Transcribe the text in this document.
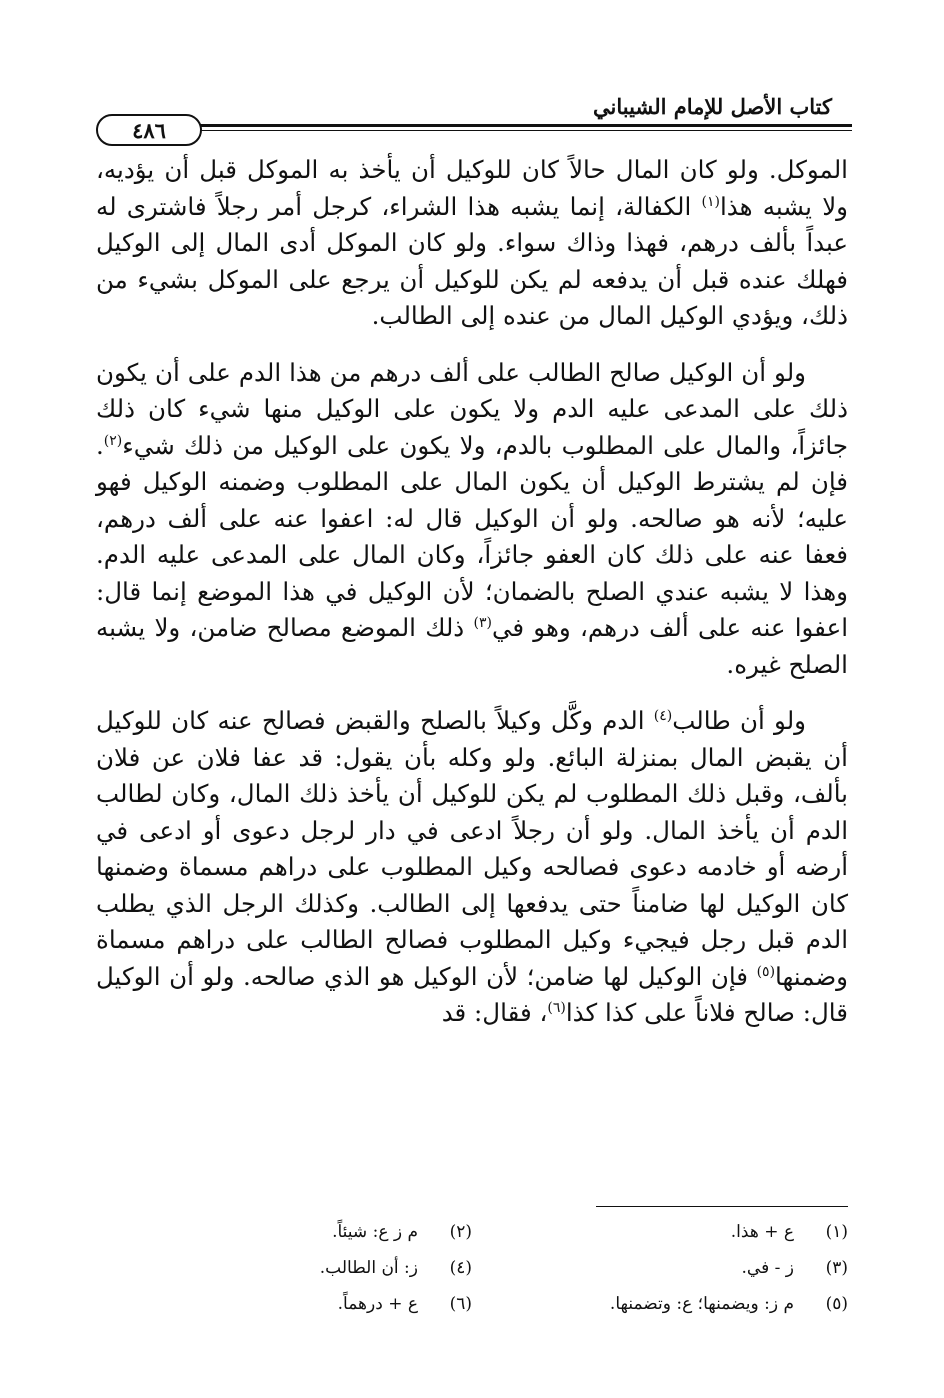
كتاب الأصل للإمام الشيباني
٤٨٦

الموكل. ولو كان المال حالاً كان للوكيل أن يأخذ به الموكل قبل أن يؤديه، ولا يشبه هذا$^{(١)}$ الكفالة، إنما يشبه هذا الشراء، كرجل أمر رجلاً فاشترى له عبداً بألف درهم، فهذا وذاك سواء. ولو كان الموكل أدى المال إلى الوكيل فهلك عنده قبل أن يدفعه لم يكن للوكيل أن يرجع على الموكل بشيء من ذلك، ويؤدي الوكيل المال من عنده إلى الطالب.

ولو أن الوكيل صالح الطالب على ألف درهم من هذا الدم على أن يكون ذلك على المدعى عليه الدم ولا يكون على الوكيل منها شيء كان ذلك جائزاً، والمال على المطلوب بالدم، ولا يكون على الوكيل من ذلك شيء$^{(٢)}$. فإن لم يشترط الوكيل أن يكون المال على المطلوب وضمنه الوكيل فهو عليه؛ لأنه هو صالحه. ولو أن الوكيل قال له: اعفوا عنه على ألف درهم، فعفا عنه على ذلك كان العفو جائزاً، وكان المال على المدعى عليه الدم. وهذا لا يشبه عندي الصلح بالضمان؛ لأن الوكيل في هذا الموضع إنما قال: اعفوا عنه على ألف درهم، وهو في$^{(٣)}$ ذلك الموضع مصالح ضامن، ولا يشبه الصلح غيره.

ولو أن طالب$^{(٤)}$ الدم وكَّل وكيلاً بالصلح والقبض فصالح عنه كان للوكيل أن يقبض المال بمنزلة البائع. ولو وكله بأن يقول: قد عفا فلان عن فلان بألف، وقبل ذلك المطلوب لم يكن للوكيل أن يأخذ ذلك المال، وكان لطالب الدم أن يأخذ المال. ولو أن رجلاً ادعى في دار لرجل دعوى أو ادعى في أرضه أو خادمه دعوى فصالحه وكيل المطلوب على دراهم مسماة وضمنها كان الوكيل لها ضامناً حتى يدفعها إلى الطالب. وكذلك الرجل الذي يطلب الدم قبل رجل فيجيء وكيل المطلوب فصالح الطالب على دراهم مسماة وضمنها$^{(٥)}$ فإن الوكيل لها ضامن؛ لأن الوكيل هو الذي صالحه. ولو أن الوكيل قال: صالح فلاناً على كذا كذا$^{(٦)}$، فقال: قد

(١)ع + هذا.
(٢)م ز ع: شيئاً.
(٣)ز - في.
(٤)ز: أن الطالب.
(٥)م ز: ويضمنها؛ ع: وتضمنها.
(٦)ع + درهماً.
